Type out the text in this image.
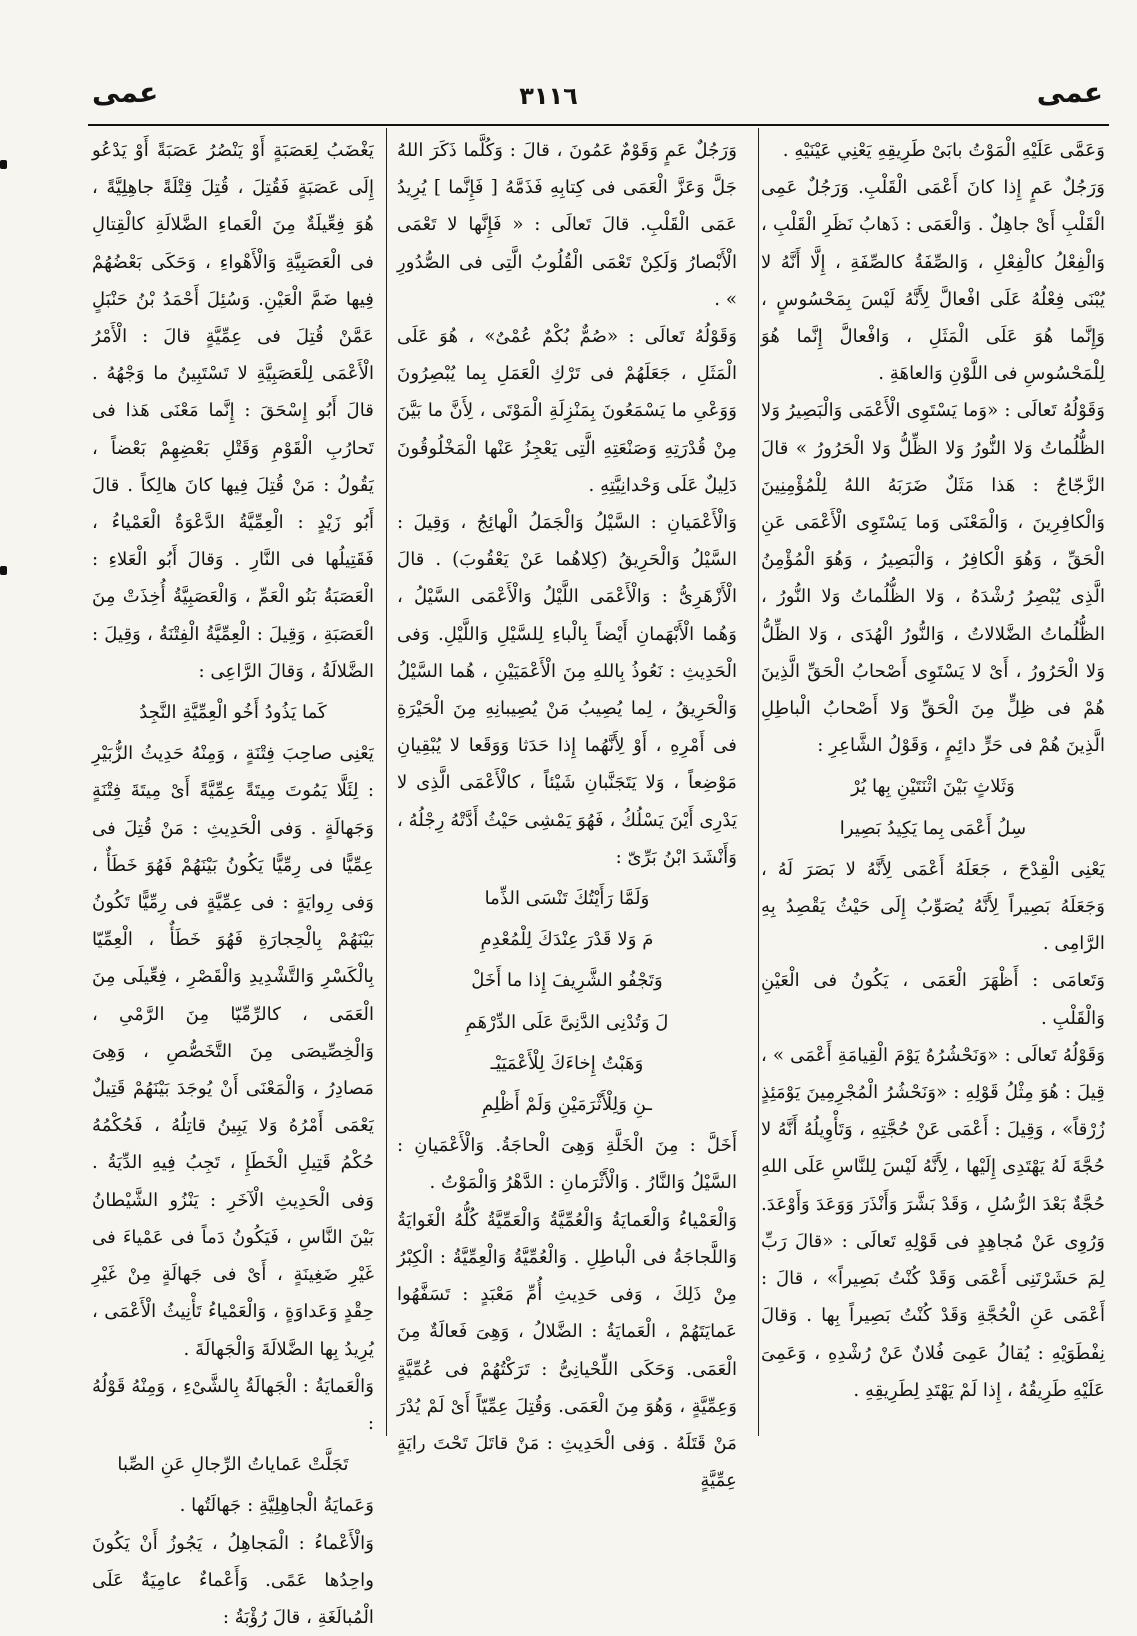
عمى
٣١١٦
عمى

وَعَمَّى عَلَيْهِ الْمَوْتُ بابَىْ طَرِيقِهِ يَعْنِي عَيْنَيْهِ .

وَرَجُلٌ عَمٍ إِذا كانَ أَعْمَى الْقَلْبِ. وَرَجُلٌ عَمِى الْقَلْبِ أَىْ جاهِلٌ . وَالْعَمَى : ذَهابُ نَظَرِ الْقَلْبِ ، وَالْفِعْلُ كالْفِعْلِ ، وَالصِّفَةُ كالصِّفَةِ ، إِلَّا أَنَّهُ لا يُبْنَى فِعْلُهُ عَلَى افْعالَّ لِأَنَّهُ لَيْسَ بِمَحْسُوسٍ ، وَإِنَّما هُوَ عَلَى الْمَثَلِ ، وَافْعالَّ إِنَّما هُوَ لِلْمَحْسُوسِ فى اللَّوْنِ وَالعاهَةِ .

وَقَوْلُهُ تَعالَى : «وَما يَسْتَوِى الْأَعْمَى وَالْبَصِيرُ وَلا الظُّلُماتُ وَلا النُّورُ وَلا الظِّلُّ وَلا الْحَرُورُ » قالَ الزَّجّاجُ : هَذا مَثَلٌ ضَرَبَهُ اللهُ لِلْمُؤْمِنِينَ وَالْكافِرِينَ ، وَالْمَعْنَى وَما يَسْتَوِى الْأَعْمَى عَنِ الْحَقِّ ، وَهُوَ الْكافِرُ ، وَالْبَصِيرُ ، وَهُوَ الْمُؤْمِنُ الَّذِى يُبْصِرُ رُشْدَهُ ، وَلا الظُّلُماتُ وَلا النُّورُ ، الظُّلُماتُ الضَّلالاتُ ، وَالنُّورُ الْهُدَى ، وَلا الظِّلُّ وَلا الْحَرُورُ ، أَىْ لا يَسْتَوِى أَصْحابُ الْحَقِّ الَّذِينَ هُمْ فى ظِلٍّ مِنَ الْحَقِّ وَلا أَصْحابُ الْباطِلِ الَّذِينَ هُمْ فى حَرٍّ دائِمٍ ، وَقَوْلُ الشَّاعِرِ :

وَثَلاثٍ بَيْنَ اثْنَتَيْنِ بِها يُرْ

سِلُ أَعْمَى بِما يَكِيدُ بَصِيرا

يَعْنِى الْقِدْحَ ، جَعَلَهُ أَعْمَى لِأَنَّهُ لا بَصَرَ لَهُ ، وَجَعَلَهُ بَصِيراً لِأَنَّهُ يُصَوِّبُ إِلَى حَيْثُ يَقْصِدُ بِهِ الرَّامِى .

وَتَعامَى : أَظْهَرَ الْعَمَى ، يَكُونُ فى الْعَيْنِ وَالْقَلْبِ .

وَقَوْلُهُ تَعالَى : «وَنَحْشُرُهُ يَوْمَ الْقِيامَةِ أَعْمَى » ، قِيلَ : هُوَ مِثْلُ قَوْلِهِ : «وَنَحْشُرُ الْمُجْرِمِينَ يَوْمَئِذٍ زُرْقاً» ، وَقِيلَ : أَعْمَى عَنْ حُجَّتِهِ ، وَتَأْوِيلُهُ أَنَّهُ لا حُجَّةَ لَهُ يَهْتَدِى إِلَيْها ، لِأَنَّهُ لَيْسَ لِلنَّاسِ عَلَى اللهِ حُجَّةٌ بَعْدَ الرُّسُلِ ، وَقَدْ بَشَّرَ وَأَنْذَرَ وَوَعَدَ وَأَوْعَدَ. وَرُوِى عَنْ مُجاهِدٍ فى قَوْلِهِ تَعالَى : «قالَ رَبِّ لِمَ حَشَرْتَنِى أَعْمَى وَقَدْ كُنْتُ بَصِيراً» ، قالَ : أَعْمَى عَنِ الْحُجَّةِ وَقَدْ كُنْتُ بَصِيراً بِها . وَقالَ نِفْطَوَيْهِ : يُقالُ عَمِىَ فُلانٌ عَنْ رُشْدِهِ ، وَعَمِىَ عَلَيْهِ طَرِيقُهُ ، إِذا لَمْ يَهْتَدِ لِطَرِيقِهِ .

وَرَجُلٌ عَمٍ وَقَوْمٌ عَمُونَ ، قالَ : وَكُلَّما ذَكَرَ اللهُ جَلَّ وَعَزَّ الْعَمَى فى كِتابِهِ فَذَمَّهُ [ فَإِنَّما ] يُرِيدُ عَمَى الْقَلْبِ. قالَ تَعالَى : « فَإِنَّها لا تَعْمَى الْأَبْصارُ وَلَكِنْ تَعْمَى الْقُلُوبُ الَّتِى فى الصُّدُورِ » .

وَقَوْلُهُ تَعالَى : «صُمٌّ بُكْمٌ عُمْىٌ» ، هُوَ عَلَى الْمَثَلِ ، جَعَلَهُمْ فى تَرْكِ الْعَمَلِ بِما يُبْصِرُونَ وَوَعْىِ ما يَسْمَعُونَ بِمَنْزِلَةِ الْمَوْتَى ، لِأَنَّ ما بَيَّنَ مِنْ قُدْرَتِهِ وَصَنْعَتِهِ الَّتِى يَعْجِزُ عَنْها الْمَخْلُوقُونَ دَلِيلٌ عَلَى وَحْدانِيَّتِهِ .

وَالْأَعْمَيانِ : السَّيْلُ وَالْجَمَلُ الْهائِجُ ، وَقِيلَ : السَّيْلُ وَالْحَرِيقُ (كِلاهُما عَنْ يَعْقُوبَ) . قالَ الْأَزْهَرِىُّ : وَالْأَعْمَى اللَّيْلُ وَالْأَعْمَى السَّيْلُ ، وَهُما الْأَبْهَمانِ أَيْضاً بِالْباءِ لِلسَّيْلِ وَاللَّيْلِ. وَفى الْحَدِيثِ : نَعُوذُ بِاللهِ مِنَ الْأَعْمَيَيْنِ ، هُما السَّيْلُ وَالْحَرِيقُ ، لِما يُصِيبُ مَنْ يُصِيبانِهِ مِنَ الْحَيْرَةِ فى أَمْرِهِ ، أَوْ لِأَنَّهُما إِذا حَدَثا وَوَقَعا لا يُبْقِيانِ مَوْضِعاً ، وَلا يَتَجَنَّبانِ شَيْئاً ، كالْأَعْمَى الَّذِى لا يَدْرِى أَيْنَ يَسْلُكُ ، فَهُوَ يَمْشِى حَيْثُ أَدَّتْهُ رِجْلُهُ ، وَأَنْشَدَ ابْنُ بَرِّىّ :

وَلَمَّا رَأَيْتُكَ تَنْسَى الذِّما

مَ وَلا قَدْرَ عِنْدَكَ لِلْمُعْدِمِ

وَتَجْفُو الشَّرِيفَ إِذا ما أَخَلْ

لَ وَتُدْنِى الدَّنِىَّ عَلَى الدِّرْهَمِ

وَهَبْتُ إِخاءَكَ لِلْأَعْمَيَيْـ

ـنِ وَلِلْأَثْرَمَيْنِ وَلَمْ أَظْلِمِ

أَخَلَّ : مِنَ الْخَلَّةِ وَهِىَ الْحاجَةُ. وَالْأَعْمَيانِ : السَّيْلُ وَالنَّارُ . وَالْأَثْرَمانِ : الدَّهْرُ وَالْمَوْتُ .

وَالْعَمْياءُ وَالْعَمايَةُ وَالْعُمِّيَّةُ وَالْعَمِّيَّةُ كُلُّهُ الْغَوايَةُ وَاللَّجاجَةُ فى الْباطِلِ . وَالْعُمِّيَّةُ وَالْعِمِّيَّةُ : الْكِبْرُ مِنْ ذَلِكَ ، وَفى حَدِيثِ أُمِّ مَعْبَدٍ : تَسَفَّهُوا عَمايَتَهُمْ ، الْعَمايَةُ : الضَّلالُ ، وَهِىَ فَعالَةٌ مِنَ الْعَمَى. وَحَكَى اللِّحْيانِىُّ : تَرَكْتُهُمْ فى عُمِّيَّةٍ وَعِمِّيَّةٍ ، وَهُوَ مِنَ الْعَمَى. وَقُتِلَ عِمِّيّاً أَىْ لَمْ يُدْرَ مَنْ قَتَلَهُ . وَفى الْحَدِيثِ : مَنْ قاتَلَ تَحْتَ رايَةٍ عِمِّيَّةٍ

يَغْضَبُ لِعَصَبَةٍ أَوْ يَنْصُرُ عَصَبَةً أَوْ يَدْعُو إِلَى عَصَبَةٍ فَقُتِلَ ، قُتِلَ قِتْلَةً جاهِلِيَّةً ، هُوَ فِعِّيلَةٌ مِنَ الْعَماءِ الضَّلالَةِ كالْقِتالِ فى الْعَصَبِيَّةِ وَالْأَهْواءِ ، وَحَكَى بَعْضُهُمْ فِيها ضَمَّ الْعَيْنِ. وَسُئِلَ أَحْمَدُ بْنُ حَنْبَلٍ عَمَّنْ قُتِلَ فى عِمِّيَّةٍ قالَ : الْأَمْرُ الْأَعْمَى لِلْعَصَبِيَّةِ لا تَسْتَبِينُ ما وَجْهُهُ . قالَ أَبُو إِسْحَقَ : إِنَّما مَعْنَى هَذا فى تَحارُبِ الْقَوْمِ وَقَتْلِ بَعْضِهِمْ بَعْضاً ، يَقُولُ : مَنْ قُتِلَ فِيها كانَ هالِكاً . قالَ أَبُو زَيْدٍ : الْعِمِّيَّةُ الدَّعْوَةُ الْعَمْياءُ ، فَقَتِيلُها فى النَّارِ . وَقالَ أَبُو الْعَلاءِ : الْعَصَبَةُ بَنُو الْعَمِّ ، وَالْعَصَبِيَّةُ أُخِذَتْ مِنَ الْعَصَبَةِ ، وَقِيلَ : الْعِمِّيَّةُ الْفِتْنَةُ ، وَقِيلَ : الضَّلالَةُ ، وَقالَ الرَّاعِى :

كَما يَذُودُ أَخُو الْعِمِّيَّةِ النَّجِدُ

يَعْنِى صاحِبَ فِتْنَةٍ ، وَمِنْهُ حَدِيثُ الزُّبَيْرِ : لِئَلَّا يَمُوتَ مِيتَةً عِمِّيَّةً أَىْ مِيتَةَ فِتْنَةٍ وَجَهالَةٍ . وَفى الْحَدِيثِ : مَنْ قُتِلَ فى عِمِّيًّا فى رِمِّيًّا يَكُونُ بَيْنَهُمْ فَهُوَ خَطَأٌ ، وَفى رِوايَةٍ : فى عِمِّيَّةٍ فى رِمِّيًّا تَكُونُ بَيْنَهُمْ بِالْحِجارَةِ فَهُوَ خَطَأٌ ، الْعِمِّيّا بِالْكَسْرِ وَالتَّشْدِيدِ وَالْقَصْرِ ، فِعِّيلَى مِنَ الْعَمَى ، كالرِّمِّيّا مِنَ الرَّمْىِ ، وَالْخِصِّيصَى مِنَ التَّخَصُّصِ ، وَهِىَ مَصادِرُ ، وَالْمَعْنَى أَنْ يُوجَدَ بَيْنَهُمْ قَتِيلٌ يَعْمَى أَمْرُهُ وَلا يَبِينُ قاتِلُهُ ، فَحُكْمُهُ حُكْمُ قَتِيلِ الْخَطَإِ ، تَجِبُ فِيهِ الدِّيَةُ . وَفى الْحَدِيثِ الْآخَرِ : يَنْزُو الشَّيْطانُ بَيْنَ النَّاسِ ، فَيَكُونُ دَماً فى عَمْياءَ فى غَيْرِ ضَغِينَةٍ ، أَىْ فى جَهالَةٍ مِنْ غَيْرِ حِقْدٍ وَعَداوَةٍ ، وَالْعَمْياءُ تَأْنِيثُ الْأَعْمَى ، يُرِيدُ بِها الضَّلالَةَ وَالْجَهالَةَ .

وَالْعَمايَةُ : الْجَهالَةُ بِالشَّىْءِ ، وَمِنْهُ قَوْلُهُ :

تَجَلَّتْ عَماياتُ الرِّجالِ عَنِ الصِّبا

وَعَمايَةُ الْجاهِلِيَّةِ : جَهالَتُها .

وَالْأَعْماءُ : الْمَجاهِلُ ، يَجُوزُ أَنْ يَكُونَ واحِدُها عَمًى. وَأَعْماءٌ عامِيَةٌ عَلَى الْمُبالَغَةِ ، قالَ رُؤْبَةُ :
